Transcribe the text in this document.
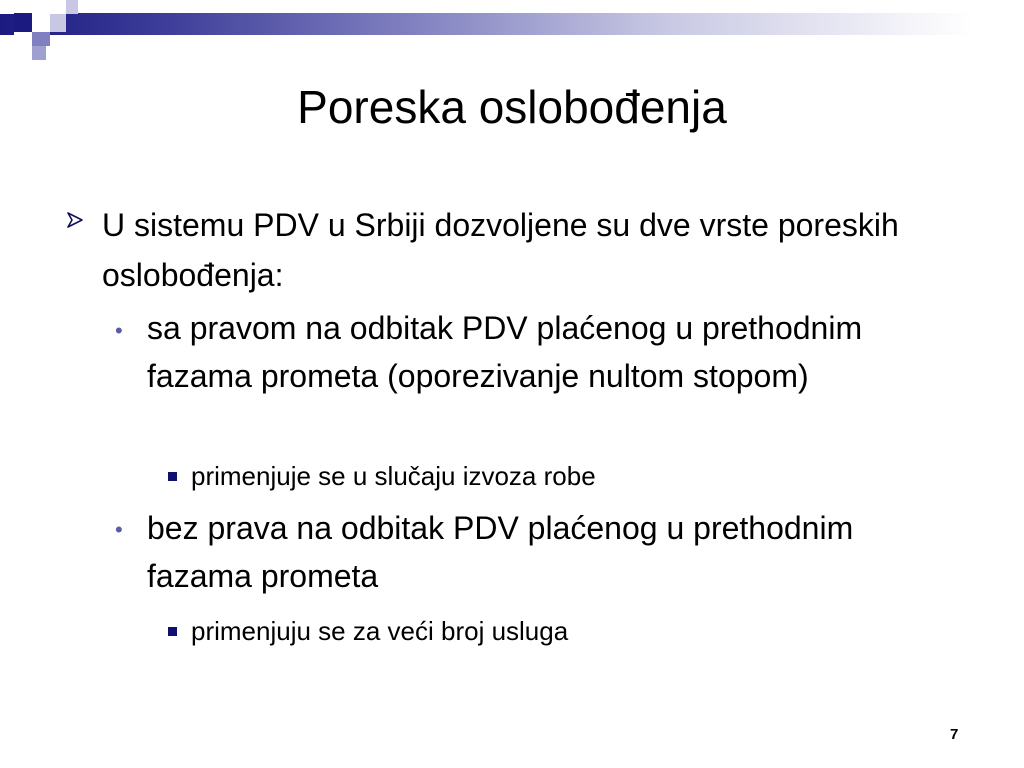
Poreska oslobođenja
U sistemu PDV u Srbiji dozvoljene su dve vrste poreskih oslobođenja:
• sa pravom na odbitak PDV plaćenog u prethodnim fazama prometa (oporezivanje nultom stopom)
primenjuje se u slučaju izvoza robe
• bez prava na odbitak PDV plaćenog u prethodnim fazama prometa
primenjuju se za veći broj usluga
7
